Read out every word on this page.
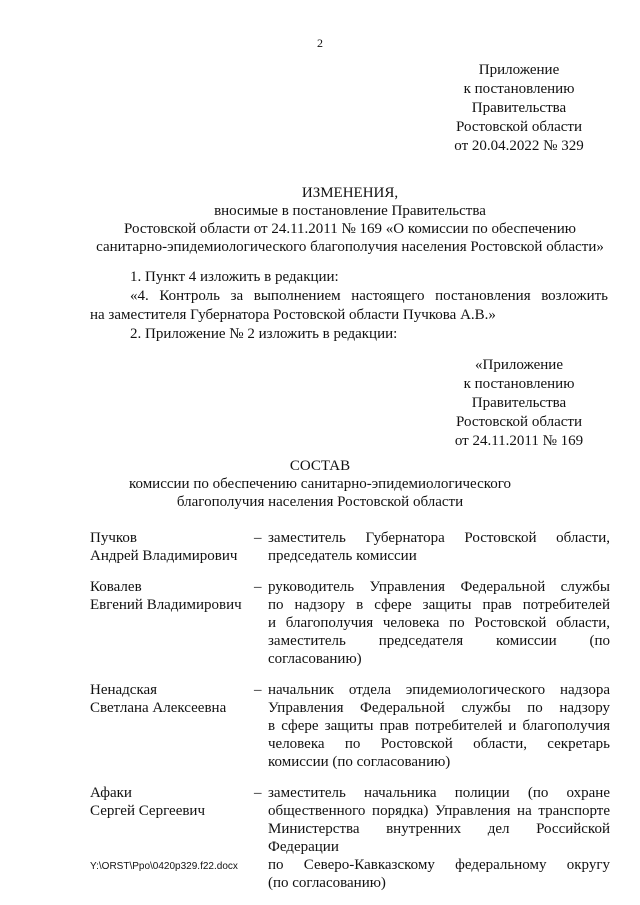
2
Приложение
к постановлению
Правительства
Ростовской области
от 20.04.2022 № 329
ИЗМЕНЕНИЯ,
вносимые в постановление Правительства
Ростовской области от 24.11.2011 № 169 «О комиссии по обеспечению
санитарно-эпидемиологического благополучия населения Ростовской области»

1. Пункт 4 изложить в редакции:

«4. Контроль за выполнением настоящего постановления возложить

на заместителя Губернатора Ростовской области Пучкова А.В.»

2. Приложение № 2 изложить в редакции:

«Приложение
к постановлению
Правительства
Ростовской области
от 24.11.2011 № 169
СОСТАВ
комиссии по обеспечению санитарно-эпидемиологического
благополучия населения Ростовской области
Пучков
Андрей Владимирович
– заместитель Губернатора Ростовской области,
председатель комиссии
Ковалев
Евгений Владимирович
– руководитель Управления Федеральной службы
по надзору в сфере защиты прав потребителей
и благополучия человека по Ростовской области,
заместитель председателя комиссии (по согласованию)
Ненадская
Светлана Алексеевна
– начальник отдела эпидемиологического надзора
Управления Федеральной службы по надзору
в сфере защиты прав потребителей и благополучия
человека по Ростовской области, секретарь
комиссии (по согласованию)
Афаки
Сергей Сергеевич
– заместитель начальника полиции (по охране
общественного порядка) Управления на транспорте
Министерства внутренних дел Российской Федерации
по Северо-Кавказскому федеральному округу
(по согласованию)
Y:\ORST\Ppo\0420p329.f22.docx
